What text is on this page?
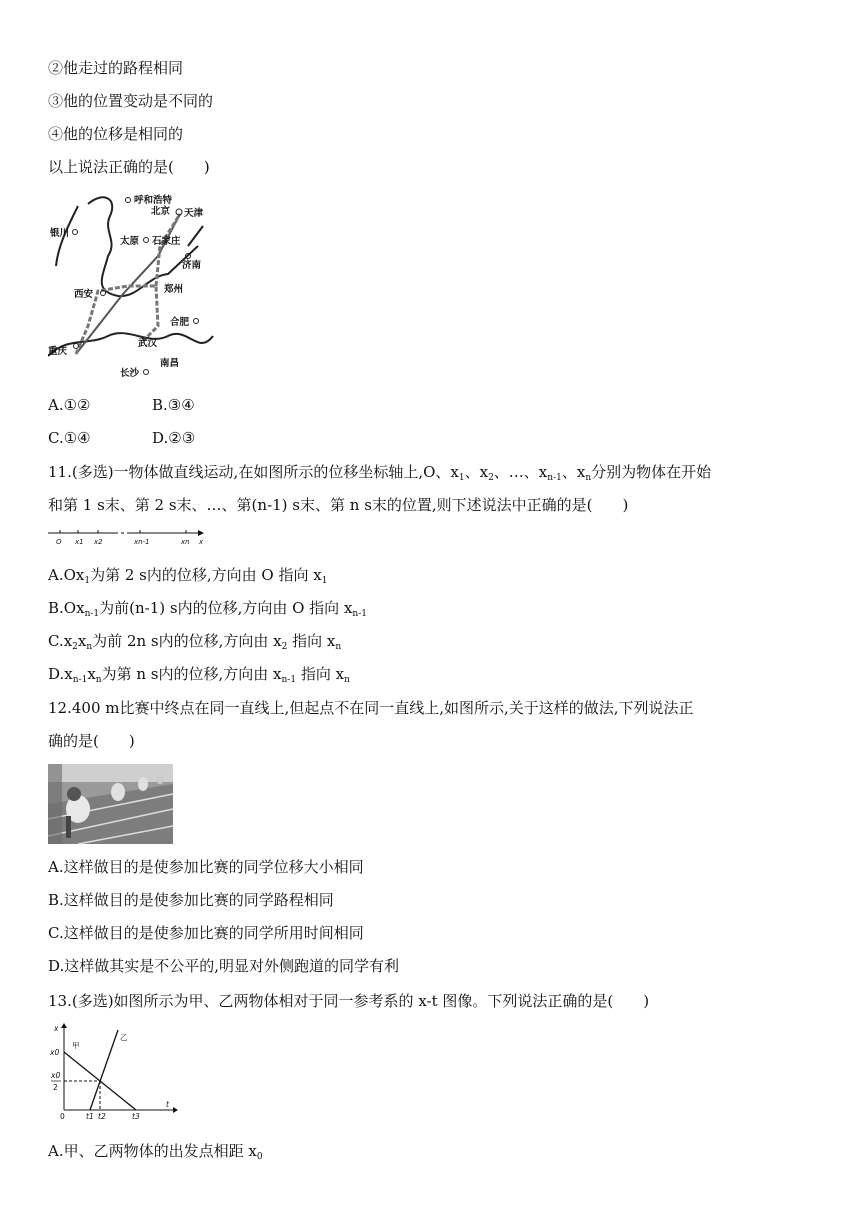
②他走过的路程相同
③他的位置变动是不同的
④他的位移是相同的
以上说法正确的是(　　)
呼和浩特
北京 天津
银川
太原 石家庄
济南
西安	郑州
合肥
重庆
武汉
南昌
长沙
A.①②	B.③④
C.①④	D.②③
11.(多选)一物体做直线运动,在如图所示的位移坐标轴上,O、$x_1$、$x_2$、…、$x_{n-1}$、$x_n$分别为物体在开始
和第 1 s末、第 2 s末、…、第(n-1) s末、第 n s末的位置,则下述说法中正确的是(　　)
O x1 x2	xn-1	xn x
$A.Ox_1$为第 2 s内的位移,方向由 O 指向 $x_1$
$B.Ox_{n-1}$为前(n-1) s内的位移,方向由 O 指向 $x_{n-1}$
$C.x_2x_n$为前 2n s内的位移,方向由 $x_2$ 指向 $x_n$
$D.x_{n-1}x_n$为第 n s内的位移,方向由 $x_{n-1}$ 指向 $x_n$
12.400 m比赛中终点在同一直线上,但起点不在同一直线上,如图所示,关于这样的做法,下列说法正
确的是(　　)
A.这样做目的是使参加比赛的同学位移大小相同
B.这样做目的是使参加比赛的同学路程相同
C.这样做目的是使参加比赛的同学所用时间相同
D.这样做其实是不公平的,明显对外侧跑道的同学有利
13.(多选)如图所示为甲、乙两物体相对于同一参考系的 x-t 图像。下列说法正确的是(　　)
x
x0
甲
乙
x0
2
0	t1 t2	t3
t
A.甲、乙两物体的出发点相距 $x_0$
